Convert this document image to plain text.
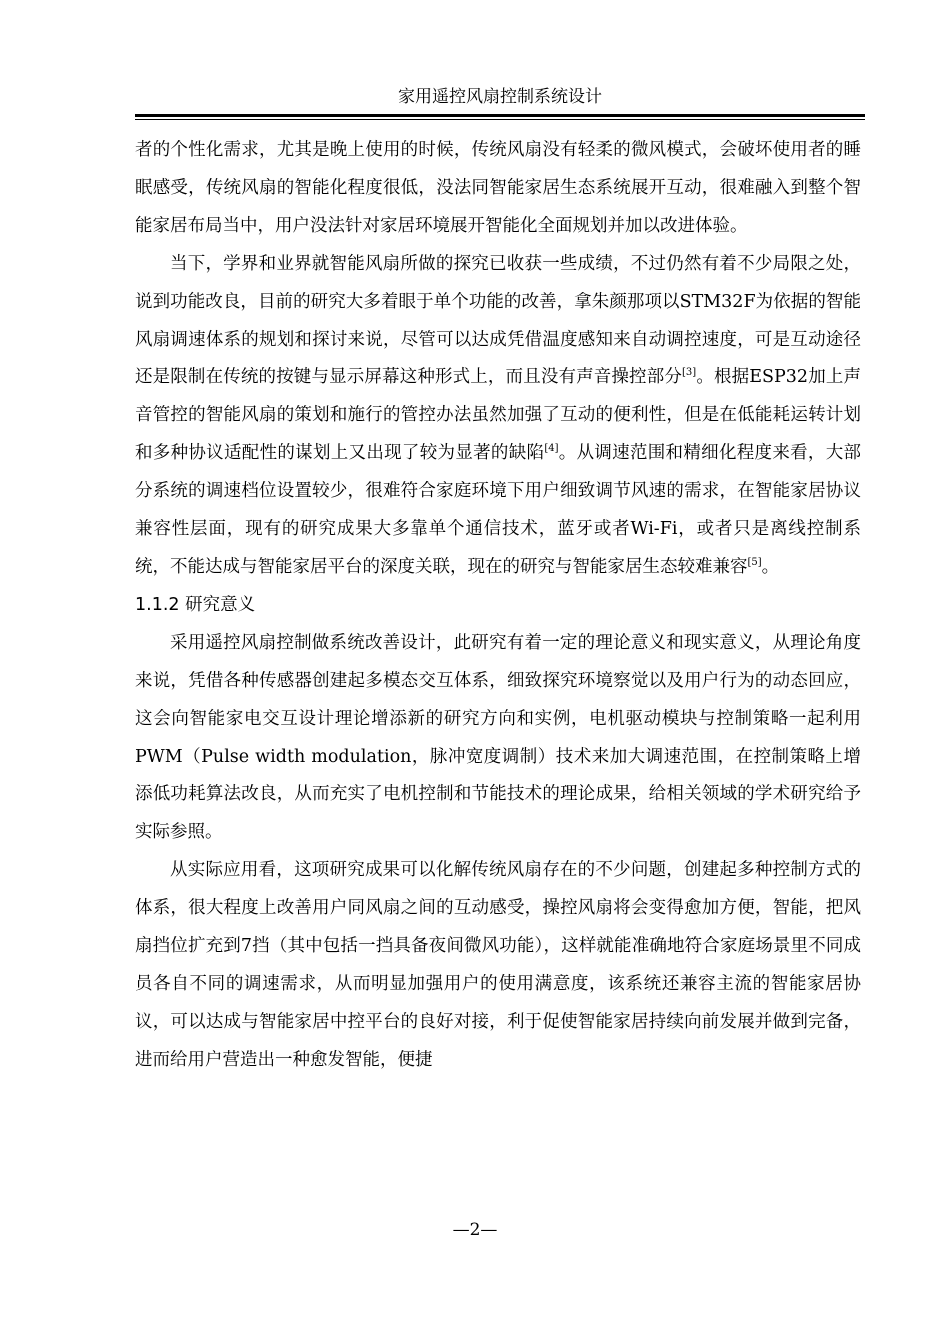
家用遥控风扇控制系统设计

者的个性化需求，尤其是晚上使用的时候，传统风扇没有轻柔的微风模式，会破坏使用者的睡眠感受，传统风扇的智能化程度很低，没法同智能家居生态系统展开互动，很难融入到整个智能家居布局当中，用户没法针对家居环境展开智能化全面规划并加以改进体验。

当下，学界和业界就智能风扇所做的探究已收获一些成绩，不过仍然有着不少局限之处，说到功能改良，目前的研究大多着眼于单个功能的改善，拿朱颜那项以STM32F为依据的智能风扇调速体系的规划和探讨来说，尽管可以达成凭借温度感知来自动调控速度，可是互动途径还是限制在传统的按键与显示屏幕这种形式上，而且没有声音操控部分[3]。根据ESP32加上声音管控的智能风扇的策划和施行的管控办法虽然加强了互动的便利性，但是在低能耗运转计划和多种协议适配性的谋划上又出现了较为显著的缺陷[4]。从调速范围和精细化程度来看，大部分系统的调速档位设置较少，很难符合家庭环境下用户细致调节风速的需求，在智能家居协议兼容性层面，现有的研究成果大多靠单个通信技术，蓝牙或者Wi-Fi，或者只是离线控制系统，不能达成与智能家居平台的深度关联，现在的研究与智能家居生态较难兼容[5]。

1.1.2 研究意义

采用遥控风扇控制做系统改善设计，此研究有着一定的理论意义和现实意义，从理论角度来说，凭借各种传感器创建起多模态交互体系，细致探究环境察觉以及用户行为的动态回应，这会向智能家电交互设计理论增添新的研究方向和实例，电机驱动模块与控制策略一起利用PWM（Pulse width modulation，脉冲宽度调制）技术来加大调速范围，在控制策略上增添低功耗算法改良，从而充实了电机控制和节能技术的理论成果，给相关领域的学术研究给予实际参照。

从实际应用看，这项研究成果可以化解传统风扇存在的不少问题，创建起多种控制方式的体系，很大程度上改善用户同风扇之间的互动感受，操控风扇将会变得愈加方便，智能，把风扇挡位扩充到7挡（其中包括一挡具备夜间微风功能），这样就能准确地符合家庭场景里不同成员各自不同的调速需求，从而明显加强用户的使用满意度，该系统还兼容主流的智能家居协议，可以达成与智能家居中控平台的良好对接，利于促使智能家居持续向前发展并做到完备，进而给用户营造出一种愈发智能，便捷

—2—
